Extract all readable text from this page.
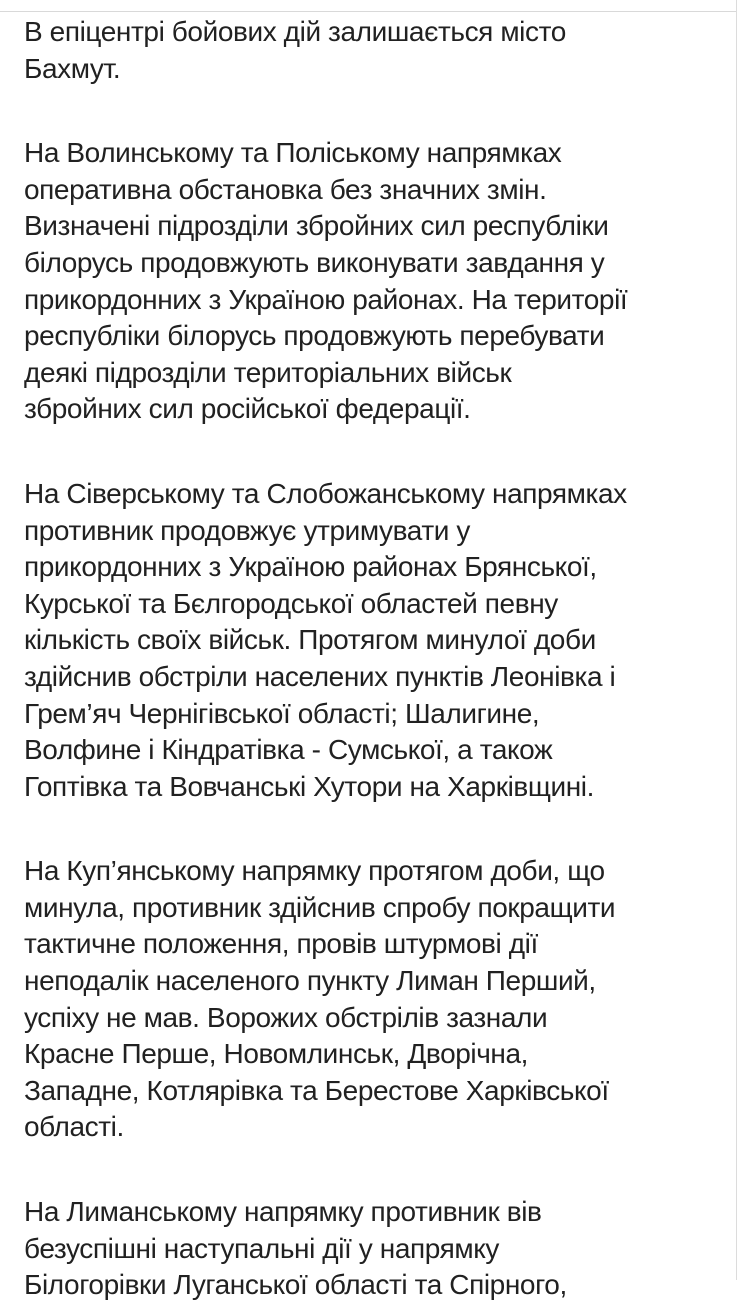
В епіцентрі бойових дій залишається місто
Бахмут.

На Волинському та Поліському напрямках
оперативна обстановка без значних змін.
Визначені підрозділи збройних сил республіки
білорусь продовжують виконувати завдання у
прикордонних з Україною районах. На території
республіки білорусь продовжують перебувати
деякі підрозділи територіальних військ
збройних сил російської федерації.

На Сіверському та Слобожанському напрямках
противник продовжує утримувати у
прикордонних з Україною районах Брянської,
Курської та Бєлгородської областей певну
кількість своїх військ. Протягом минулої доби
здійснив обстріли населених пунктів Леонівка і
Грем’яч Чернігівської області; Шалигине,
Волфине і Кіндратівка - Сумської, а також
Гоптівка та Вовчанські Хутори на Харківщині.

На Куп’янському напрямку протягом доби, що
минула, противник здійснив спробу покращити
тактичне положення, провів штурмові дії
неподалік населеного пункту Лиман Перший,
успіху не мав. Ворожих обстрілів зазнали
Красне Перше, Новомлинськ, Дворічна,
Западне, Котлярівка та Берестове Харківської
області.

На Лиманському напрямку противник вів
безуспішні наступальні дії у напрямку
Білогорівки Луганської області та Спірного,
